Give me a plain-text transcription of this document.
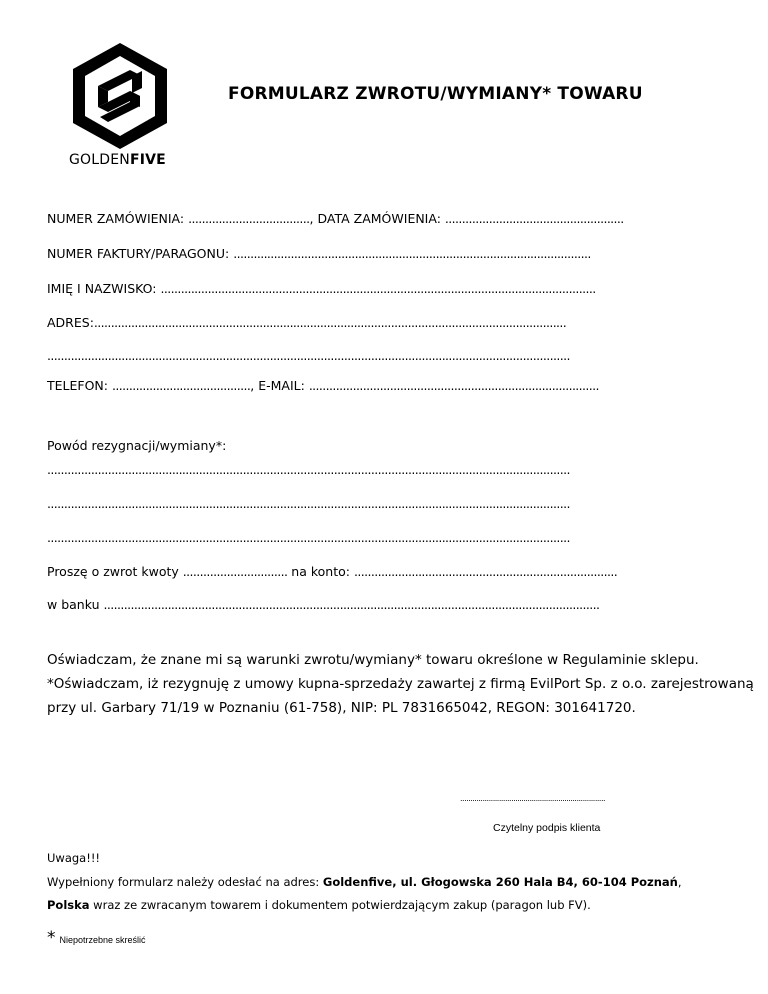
GOLDENFIVE
FORMULARZ ZWROTU/WYMIANY* TOWARU
NUMER ZAMÓWIENIA: ...................................., DATA ZAMÓWIENIA: .....................................................
NUMER FAKTURY/PARAGONU: ..........................................................................................................
IMIĘ I NAZWISKO: .................................................................................................................................
ADRES:............................................................................................................................................
...........................................................................................................................................................
TELEFON: ........................................., E-MAIL: ......................................................................................
Powód rezygnacji/wymiany*:
...........................................................................................................................................................
...........................................................................................................................................................
...........................................................................................................................................................
Proszę o zwrot kwoty ............................... na konto: ..............................................................................
w banku ...................................................................................................................................................
Oświadczam, że znane mi są warunki zwrotu/wymiany* towaru określone w Regulaminie sklepu.
*Oświadczam, iż rezygnuję z umowy kupna-sprzedaży zawartej z firmą EvilPort Sp. z o.o. zarejestrowaną
przy ul. Garbary 71/19 w Poznaniu (61-758), NIP: PL 7831665042, REGON: 301641720.
.......................................................................
Czytelny podpis klienta
Uwaga!!!
Wypełniony formularz należy odesłać na adres: Goldenfive, ul. Głogowska 260 Hala B4, 60-104 Poznań,
Polska wraz ze zwracanym towarem i dokumentem potwierdzającym zakup (paragon lub FV).
* Niepotrzebne skreślić
